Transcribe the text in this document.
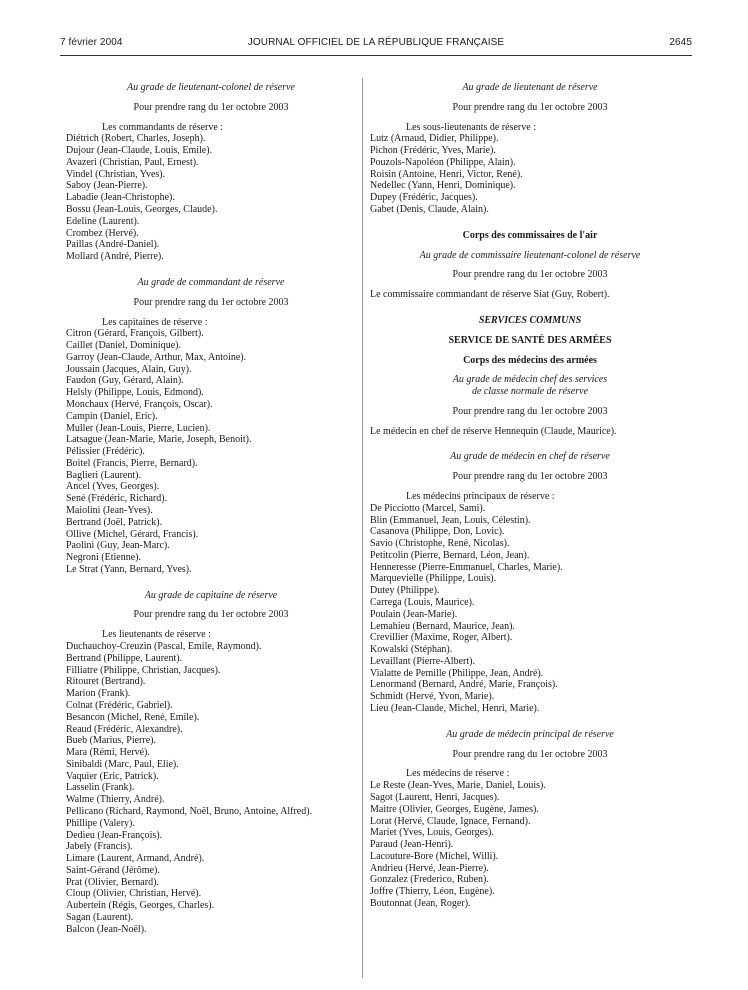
7 février 2004	JOURNAL OFFICIEL DE LA RÉPUBLIQUE FRANÇAISE	2645

Au grade de lieutenant-colonel de réserve

Pour prendre rang du 1er octobre 2003

Les commandants de réserve :

Diétrich (Robert, Charles, Joseph).
Dujour (Jean-Claude, Louis, Emile).
Avazeri (Christian, Paul, Ernest).
Vindel (Christian, Yves).
Saboy (Jean-Pierre).
Labadie (Jean-Christophe).
Bossu (Jean-Louis, Georges, Claude).
Edeline (Laurent).
Crombez (Hervé).
Paillas (André-Daniel).
Mollard (André, Pierre).

Au grade de commandant de réserve

Pour prendre rang du 1er octobre 2003

Les capitaines de réserve :

Citron (Gérard, François, Gilbert).
Caillet (Daniel, Dominique).
Garroy (Jean-Claude, Arthur, Max, Antoine).
Joussain (Jacques, Alain, Guy).
Faudon (Guy, Gérard, Alain).
Helsly (Philippe, Louis, Edmond).
Monchaux (Hervé, François, Oscar).
Campin (Daniel, Eric).
Muller (Jean-Louis, Pierre, Lucien).
Latsague (Jean-Marie, Marie, Joseph, Benoit).
Pélissier (Frédéric).
Boitel (Francis, Pierre, Bernard).
Baglieri (Laurent).
Ancel (Yves, Georges).
Sené (Frédéric, Richard).
Maiolini (Jean-Yves).
Bertrand (Joël, Patrick).
Ollive (Michel, Gérard, Francis).
Paolini (Guy, Jean-Marc).
Negroni (Etienne).
Le Strat (Yann, Bernard, Yves).

Au grade de capitaine de réserve

Pour prendre rang du 1er octobre 2003

Les lieutenants de réserve :

Duchauchoy-Creuzin (Pascal, Emile, Raymond).
Bertrand (Philippe, Laurent).
Filliatre (Philippe, Christian, Jacques).
Ritouret (Bertrand).
Marion (Frank).
Colnat (Frédéric, Gabriel).
Besancon (Michel, René, Emile).
Reaud (Frédéric, Alexandre).
Bueb (Marius, Pierre).
Mara (Rémi, Hervé).
Sinibaldi (Marc, Paul, Elie).
Vaquier (Eric, Patrick).
Lasselin (Frank).
Walme (Thierry, André).
Pellicano (Richard, Raymond, Noël, Bruno, Antoine, Alfred).
Phillipe (Valery).
Dedieu (Jean-François).
Jabely (Francis).
Limare (Laurent, Armand, André).
Saint-Gérand (Jérôme).
Prat (Olivier, Bernard).
Cloup (Olivier, Christian, Hervé).
Aubertein (Régis, Georges, Charles).
Sagan (Laurent).
Balcon (Jean-Noël).

Au grade de lieutenant de réserve

Pour prendre rang du 1er octobre 2003

Les sous-lieutenants de réserve :

Lutz (Arnaud, Didier, Philippe).
Pichon (Frédéric, Yves, Marie).
Pouzols-Napoléon (Philippe, Alain).
Roisin (Antoine, Henri, Victor, René).
Nedellec (Yann, Henri, Dominique).
Dupey (Frédéric, Jacques).
Gabet (Denis, Claude, Alain).

Corps des commissaires de l'air

Au grade de commissaire lieutenant-colonel de réserve

Pour prendre rang du 1er octobre 2003

Le commissaire commandant de réserve Siat (Guy, Robert).

SERVICES COMMUNS

SERVICE DE SANTÉ DES ARMÉES

Corps des médecins des armées

Au grade de médecin chef des services

de classe normale de réserve

Pour prendre rang du 1er octobre 2003

Le médecin en chef de réserve Hennequin (Claude, Maurice).

Au grade de médecin en chef de réserve

Pour prendre rang du 1er octobre 2003

Les médecins principaux de réserve :

De Picciotto (Marcel, Sami).
Blin (Emmanuel, Jean, Louis, Célestin).
Casanova (Philippe, Don, Lovic).
Savio (Christophe, René, Nicolas).
Petitcolin (Pierre, Bernard, Léon, Jean).
Henneresse (Pierre-Emmanuel, Charles, Marie).
Marquevielle (Philippe, Louis).
Dutey (Philippe).
Carrega (Louis, Maurice).
Poulain (Jean-Marie).
Lemahieu (Bernard, Maurice, Jean).
Crevillier (Maxime, Roger, Albert).
Kowalski (Stéphan).
Levaillant (Pierre-Albert).
Vialatte de Pemille (Philippe, Jean, André).
Lenormand (Bernard, André, Marie, François).
Schmidt (Hervé, Yvon, Marie).
Lieu (Jean-Claude, Michel, Henri, Marie).

Au grade de médecin principal de réserve

Pour prendre rang du 1er octobre 2003

Les médecins de réserve :

Le Reste (Jean-Yves, Marie, Daniel, Louis).
Sagot (Laurent, Henri, Jacques).
Maitre (Olivier, Georges, Eugène, James).
Lorat (Hervé, Claude, Ignace, Fernand).
Mariet (Yves, Louis, Georges).
Paraud (Jean-Henri).
Lacouture-Bore (Michel, Willi).
Andrieu (Hervé, Jean-Pierre).
Gonzalez (Frederico, Ruben).
Joffre (Thierry, Léon, Eugène).
Boutonnat (Jean, Roger).
